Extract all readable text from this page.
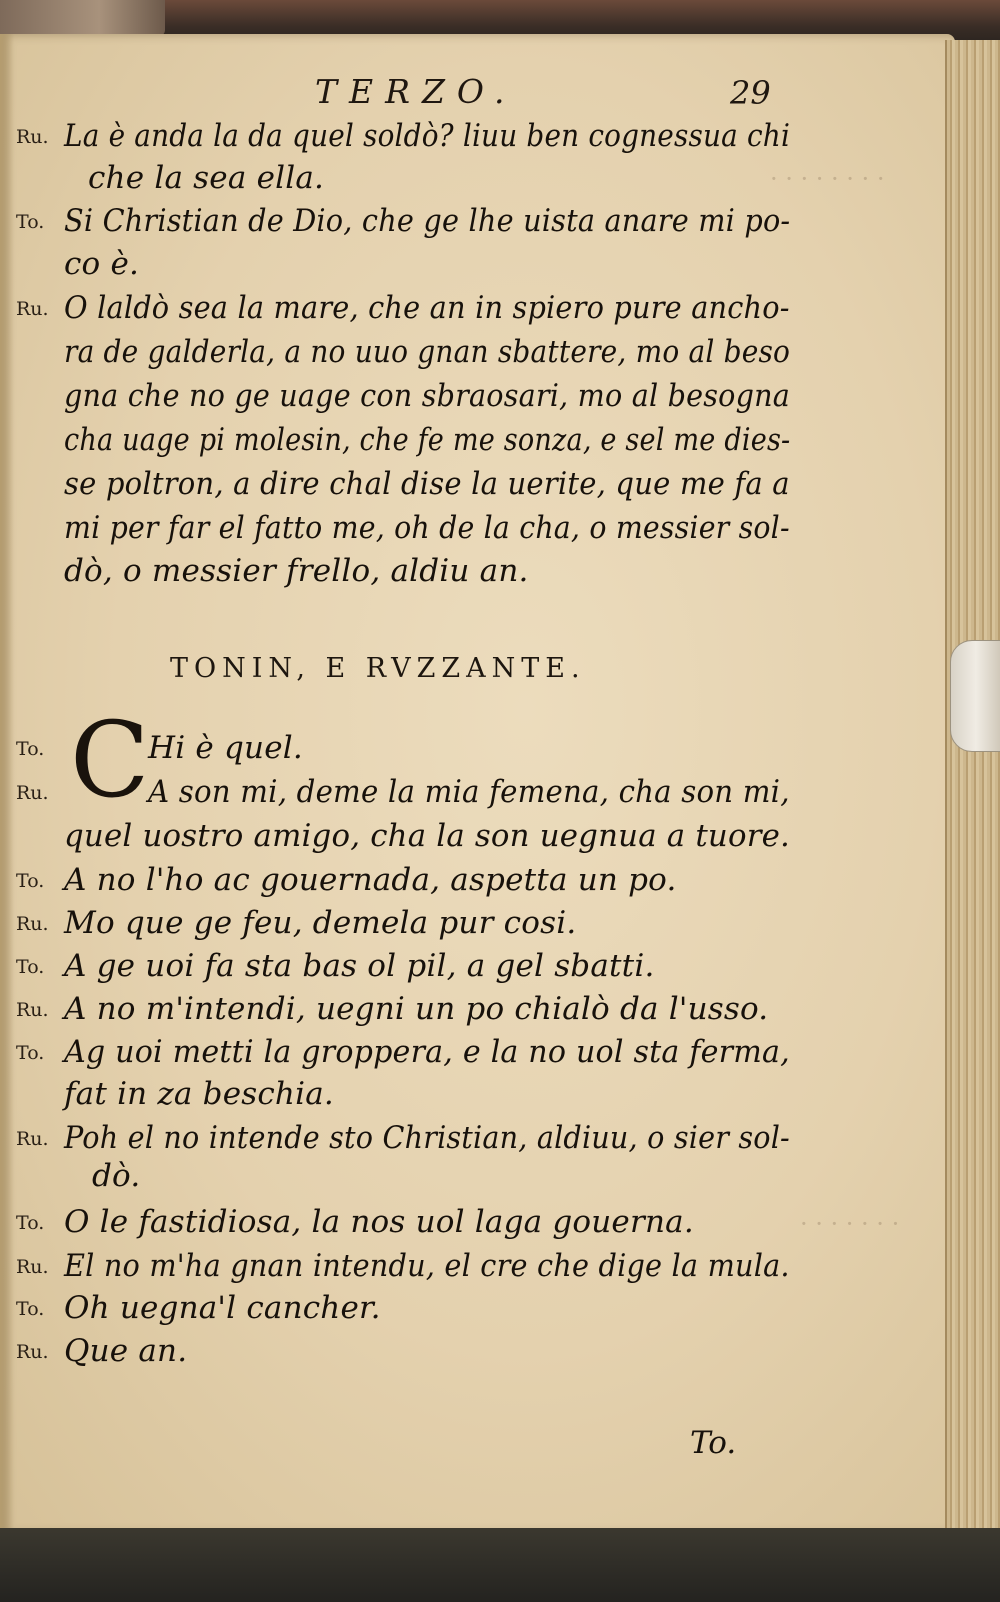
· · · · · · · ·
· · · · · · ·
TERZO.	29
Ru. La è anda la da quel soldò? liuu ben cognessua chi
che la sea ella.
To. Si Christian de Dio, che ge lhe uista anare mi po-
co è.
Ru. O laldò sea la mare, che an in spiero pure ancho-
ra de galderla, a no uuo gnan sbattere, mo al beso
gna che no ge uage con sbraosari, mo al besogna
cha uage pi molesin, che fe me sonza, e sel me dies-
se poltron, a dire chal dise la uerite, que me fa a
mi per far el fatto me, oh de la cha, o messier sol-
dò, o messier frello, aldiu an.
TONIN, E RVZZANTE.
C
To.	Hi è quel.
Ru.	A son mi, deme la mia femena, cha son mi,
quel uostro amigo, cha la son uegnua a tuore.
To. A no l'ho ac gouernada, aspetta un po.
Ru. Mo que ge feu, demela pur cosi.
To. A ge uoi fa sta bas ol pil, a gel sbatti.
Ru. A no m'intendi, uegni un po chialò da l'usso.
To. Ag uoi metti la groppera, e la no uol sta ferma,
fat in za beschia.
Ru. Poh el no intende sto Christian, aldiuu, o sier sol-
dò.
To. O le fastidiosa, la nos uol laga gouerna.
Ru. El no m'ha gnan intendu, el cre che dige la mula.
To. Oh uegna'l cancher.
Ru. Que an.
To.
